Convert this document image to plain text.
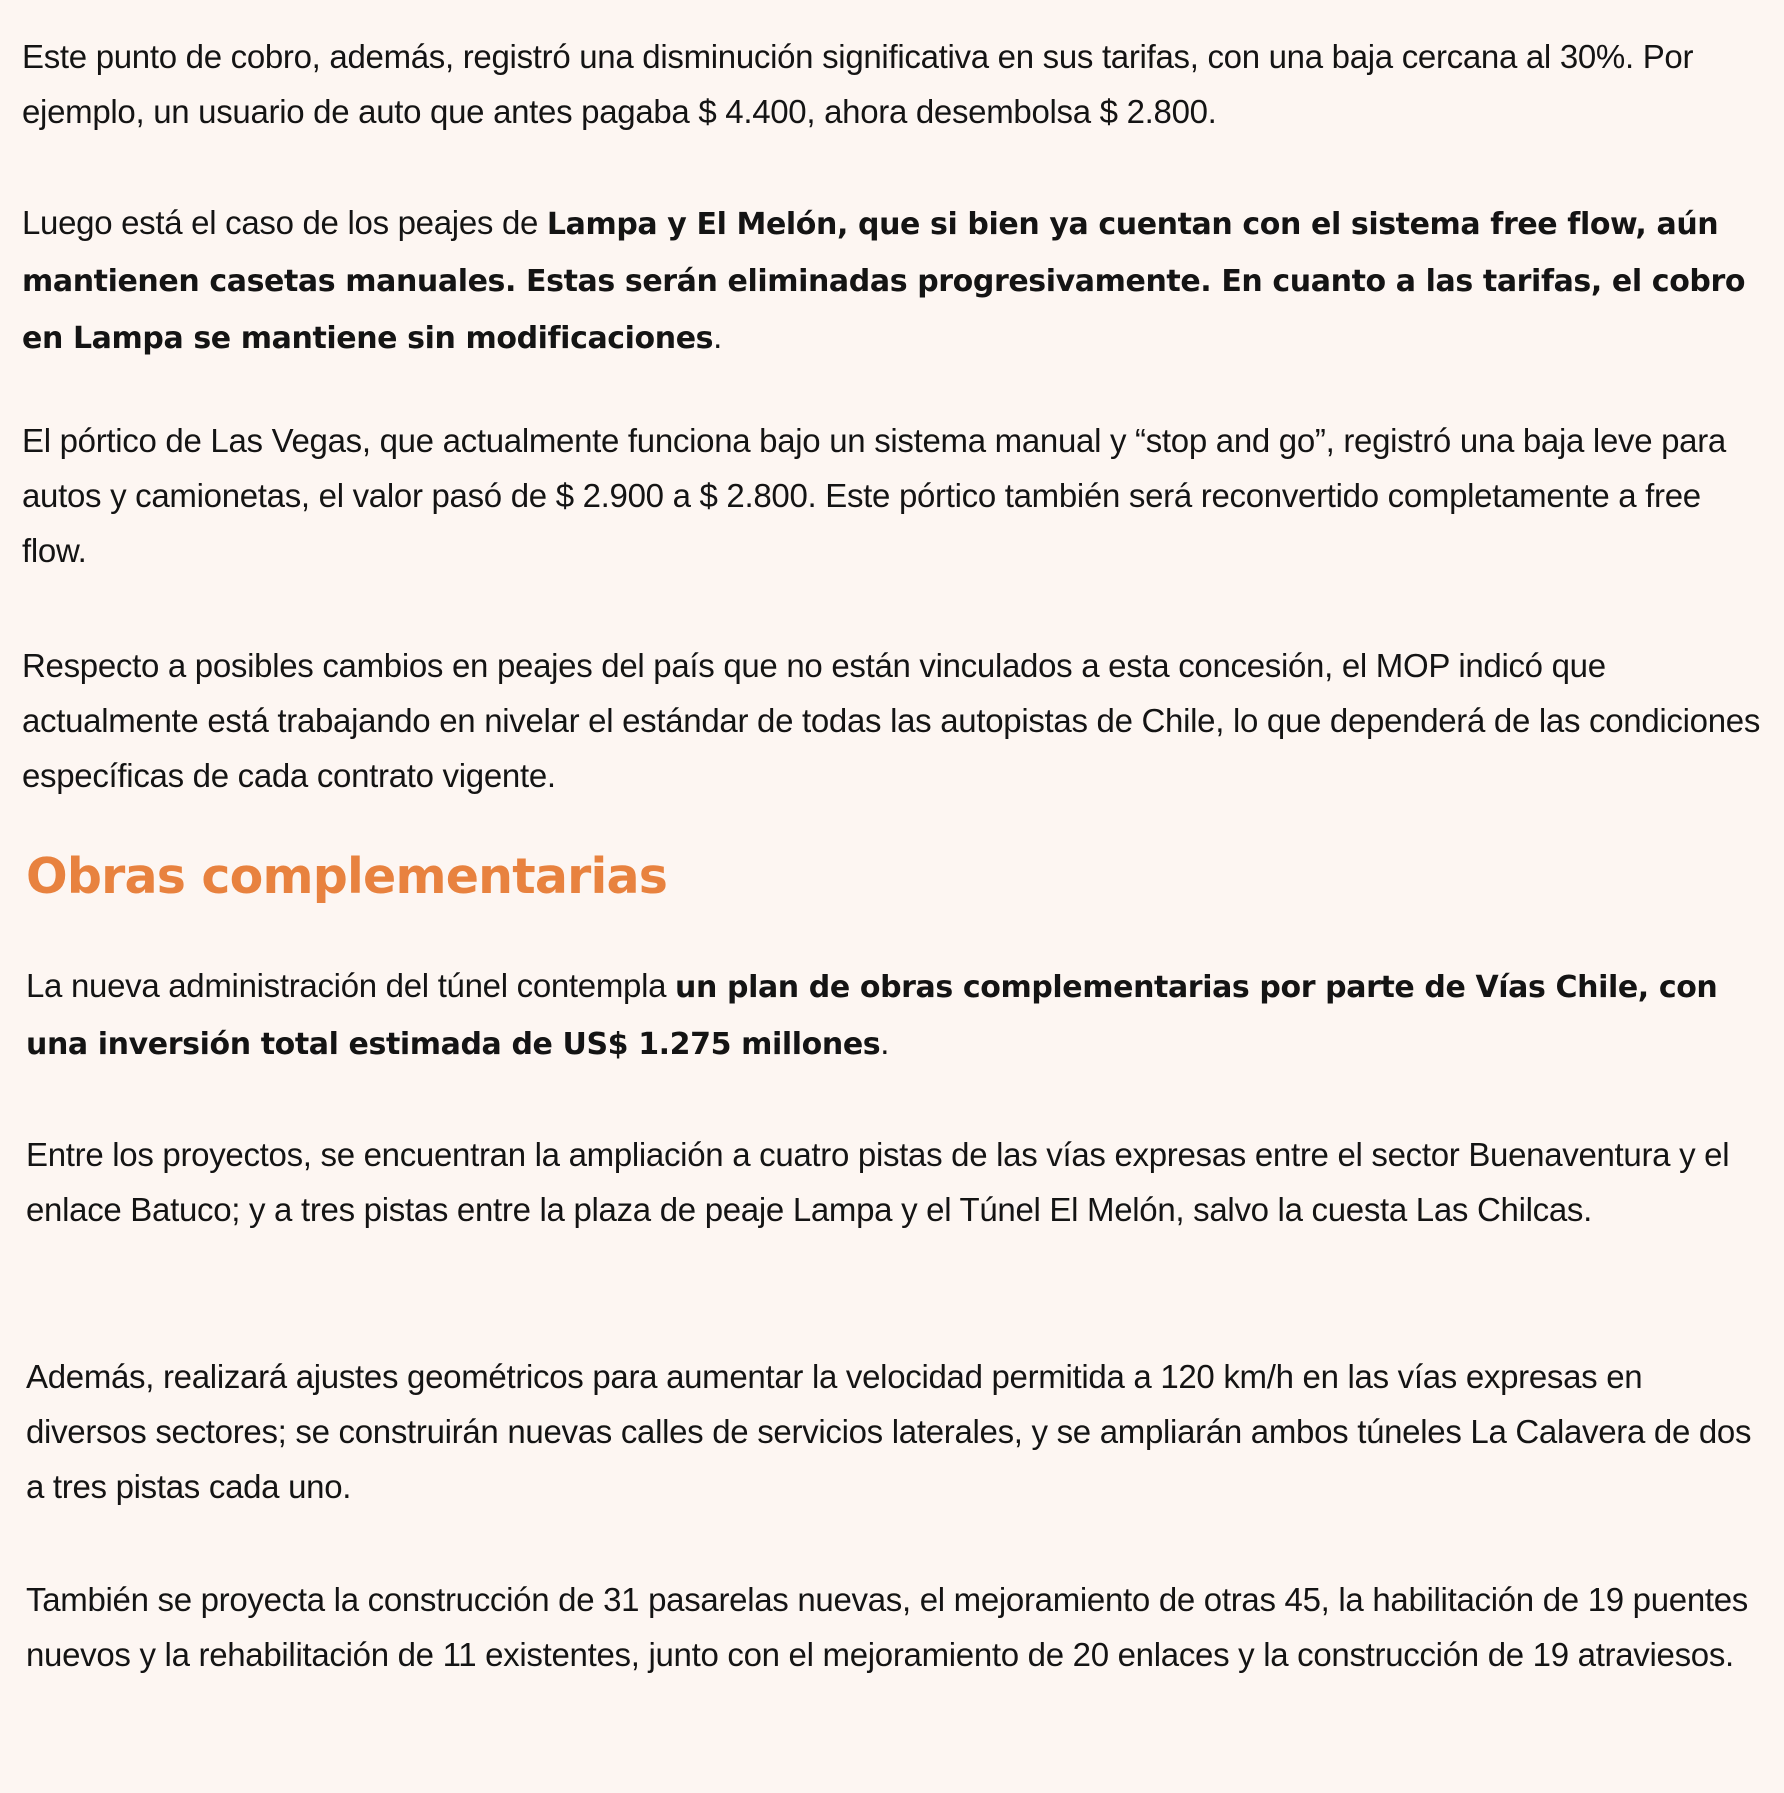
Este punto de cobro, además, registró una disminución significativa en sus tarifas, con una baja cercana al 30%. Por ejemplo, un usuario de auto que antes pagaba $ 4.400, ahora desembolsa $ 2.800.

Luego está el caso de los peajes de Lampa y El Melón, que si bien ya cuentan con el sistema free flow, aún mantienen casetas manuales. Estas serán eliminadas progresivamente. En cuanto a las tarifas, el cobro en Lampa se mantiene sin modificaciones.

El pórtico de Las Vegas, que actualmente funciona bajo un sistema manual y “stop and go”, registró una baja leve para autos y camionetas, el valor pasó de $ 2.900 a $ 2.800. Este pórtico también será reconvertido completamente a free flow.

Respecto a posibles cambios en peajes del país que no están vinculados a esta concesión, el MOP indicó que actualmente está trabajando en nivelar el estándar de todas las autopistas de Chile, lo que dependerá de las condiciones específicas de cada contrato vigente.

Obras complementarias

La nueva administración del túnel contempla un plan de obras complementarias por parte de Vías Chile, con una inversión total estimada de US$ 1.275 millones.

Entre los proyectos, se encuentran la ampliación a cuatro pistas de las vías expresas entre el sector Buenaventura y el enlace Batuco; y a tres pistas entre la plaza de peaje Lampa y el Túnel El Melón, salvo la cuesta Las Chilcas.

Además, realizará ajustes geométricos para aumentar la velocidad permitida a 120 km/h en las vías expresas en diversos sectores; se construirán nuevas calles de servicios laterales, y se ampliarán ambos túneles La Calavera de dos a tres pistas cada uno.

También se proyecta la construcción de 31 pasarelas nuevas, el mejoramiento de otras 45, la habilitación de 19 puentes nuevos y la rehabilitación de 11 existentes, junto con el mejoramiento de 20 enlaces y la construcción de 19 atraviesos.
